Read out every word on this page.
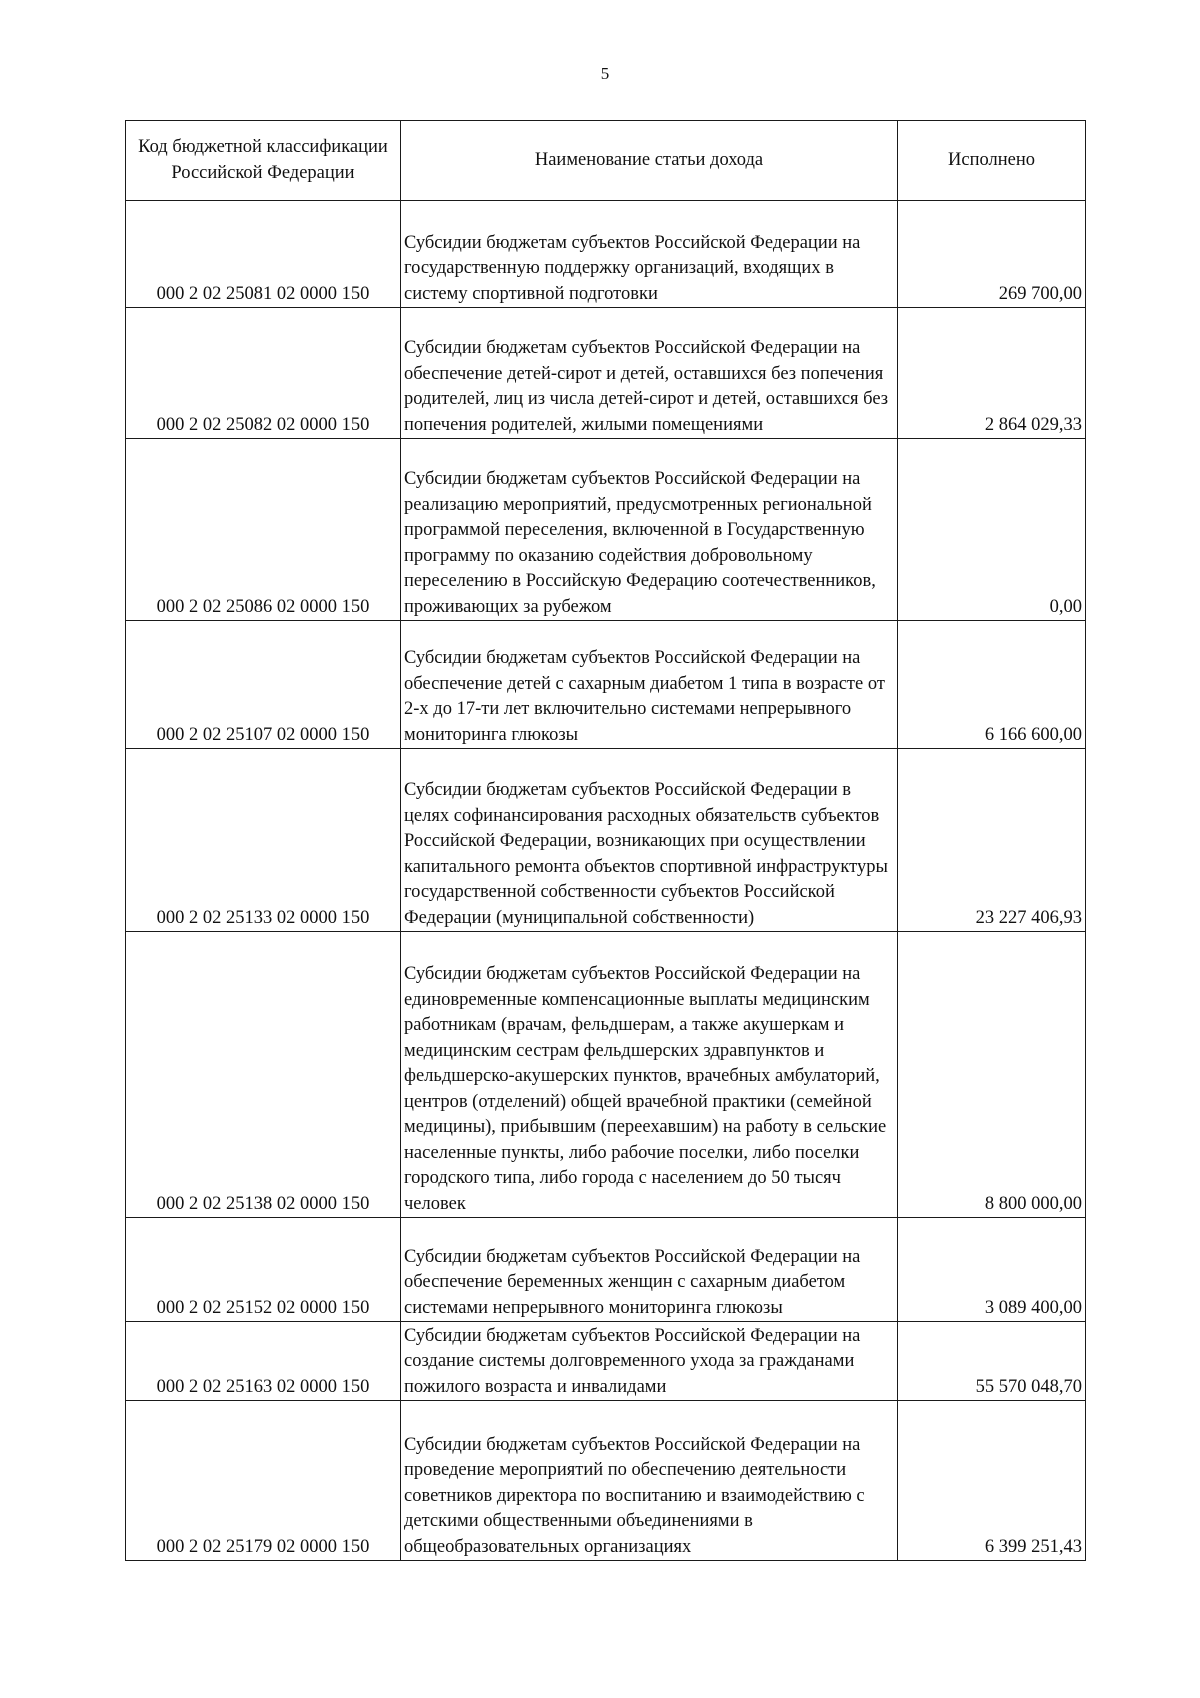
5
Код бюджетной классификации Российской Федерации	Наименование статьи дохода	Исполнено
000 2 02 25081 02 0000 150	Субсидии бюджетам субъектов Российской Федерации на государственную поддержку организаций, входящих в систему спортивной подготовки	269 700,00
000 2 02 25082 02 0000 150	Субсидии бюджетам субъектов Российской Федерации на обеспечение детей-сирот и детей, оставшихся без попечения родителей, лиц из числа детей-сирот и детей, оставшихся без попечения родителей, жилыми помещениями	2 864 029,33
000 2 02 25086 02 0000 150	Субсидии бюджетам субъектов Российской Федерации на реализацию мероприятий, предусмотренных региональной программой переселения, включенной в Государственную программу по оказанию содействия добровольному переселению в Российскую Федерацию соотечественников, проживающих за рубежом	0,00
000 2 02 25107 02 0000 150	Субсидии бюджетам субъектов Российской Федерации на обеспечение детей с сахарным диабетом 1 типа в возрасте от 2-х до 17-ти лет включительно системами непрерывного мониторинга глюкозы	6 166 600,00
000 2 02 25133 02 0000 150	Субсидии бюджетам субъектов Российской Федерации в целях софинансирования расходных обязательств субъектов Российской Федерации, возникающих при осуществлении капитального ремонта объектов спортивной инфраструктуры государственной собственности субъектов Российской Федерации (муниципальной собственности)	23 227 406,93
000 2 02 25138 02 0000 150	Субсидии бюджетам субъектов Российской Федерации на единовременные компенсационные выплаты медицинским работникам (врачам, фельдшерам, а также акушеркам и медицинским сестрам фельдшерских здравпунктов и фельдшерско-акушерских пунктов, врачебных амбулаторий, центров (отделений) общей врачебной практики (семейной медицины), прибывшим (переехавшим) на работу в сельские населенные пункты, либо рабочие поселки, либо поселки городского типа, либо города с населением до 50 тысяч человек	8 800 000,00
000 2 02 25152 02 0000 150	Субсидии бюджетам субъектов Российской Федерации на обеспечение беременных женщин с сахарным диабетом системами непрерывного мониторинга глюкозы	3 089 400,00
000 2 02 25163 02 0000 150	Субсидии бюджетам субъектов Российской Федерации на создание системы долговременного ухода за гражданами пожилого возраста и инвалидами	55 570 048,70
000 2 02 25179 02 0000 150	Субсидии бюджетам субъектов Российской Федерации на проведение мероприятий по обеспечению деятельности советников директора по воспитанию и взаимодействию с детскими общественными объединениями в общеобразовательных организациях	6 399 251,43
